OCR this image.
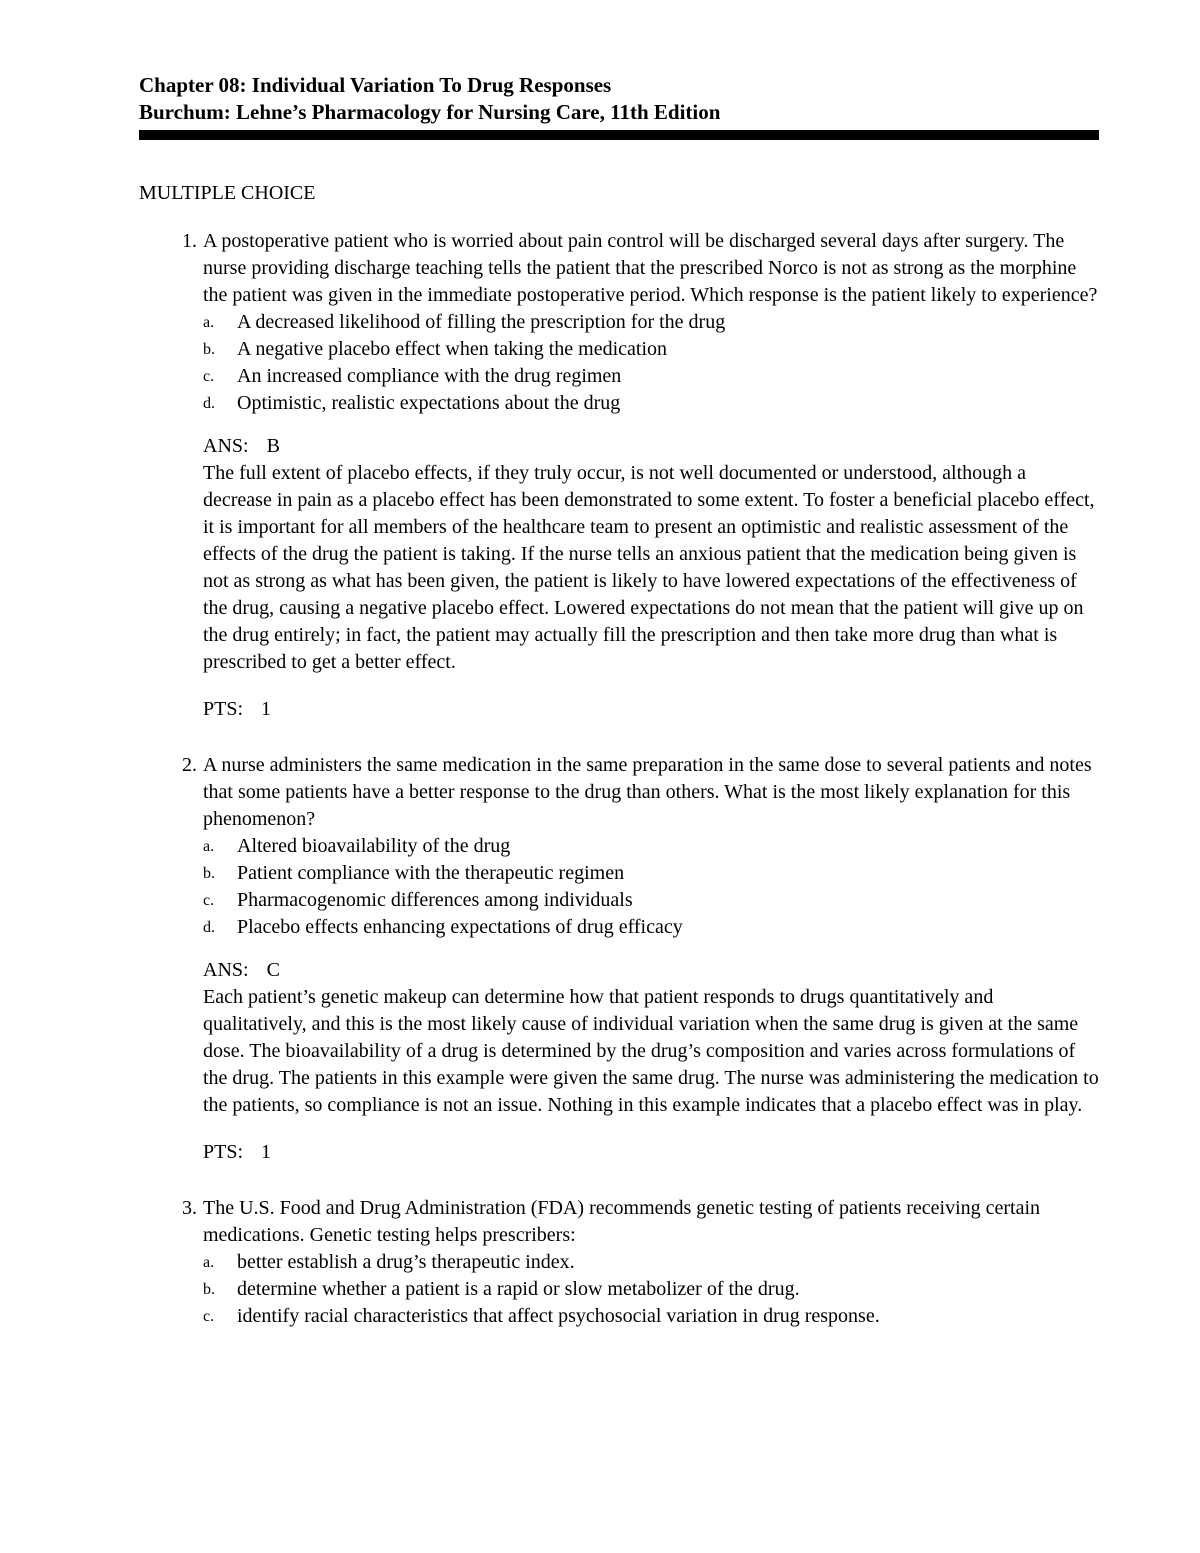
Chapter 08: Individual Variation To Drug Responses
Burchum: Lehne’s Pharmacology for Nursing Care, 11th Edition
MULTIPLE CHOICE
1. A postoperative patient who is worried about pain control will be discharged several days after surgery. The nurse providing discharge teaching tells the patient that the prescribed Norco is not as strong as the morphine the patient was given in the immediate postoperative period. Which response is the patient likely to experience?
a. A decreased likelihood of filling the prescription for the drug
b. A negative placebo effect when taking the medication
c. An increased compliance with the drug regimen
d. Optimistic, realistic expectations about the drug
ANS: B
The full extent of placebo effects, if they truly occur, is not well documented or understood, although a decrease in pain as a placebo effect has been demonstrated to some extent. To foster a beneficial placebo effect, it is important for all members of the healthcare team to present an optimistic and realistic assessment of the effects of the drug the patient is taking. If the nurse tells an anxious patient that the medication being given is not as strong as what has been given, the patient is likely to have lowered expectations of the effectiveness of the drug, causing a negative placebo effect. Lowered expectations do not mean that the patient will give up on the drug entirely; in fact, the patient may actually fill the prescription and then take more drug than what is prescribed to get a better effect.
PTS: 1
2. A nurse administers the same medication in the same preparation in the same dose to several patients and notes that some patients have a better response to the drug than others. What is the most likely explanation for this phenomenon?
a. Altered bioavailability of the drug
b. Patient compliance with the therapeutic regimen
c. Pharmacogenomic differences among individuals
d. Placebo effects enhancing expectations of drug efficacy
ANS: C
Each patient’s genetic makeup can determine how that patient responds to drugs quantitatively and qualitatively, and this is the most likely cause of individual variation when the same drug is given at the same dose. The bioavailability of a drug is determined by the drug’s composition and varies across formulations of the drug. The patients in this example were given the same drug. The nurse was administering the medication to the patients, so compliance is not an issue. Nothing in this example indicates that a placebo effect was in play.
PTS: 1
3. The U.S. Food and Drug Administration (FDA) recommends genetic testing of patients receiving certain medications. Genetic testing helps prescribers:
a. better establish a drug’s therapeutic index.
b. determine whether a patient is a rapid or slow metabolizer of the drug.
c. identify racial characteristics that affect psychosocial variation in drug response.
